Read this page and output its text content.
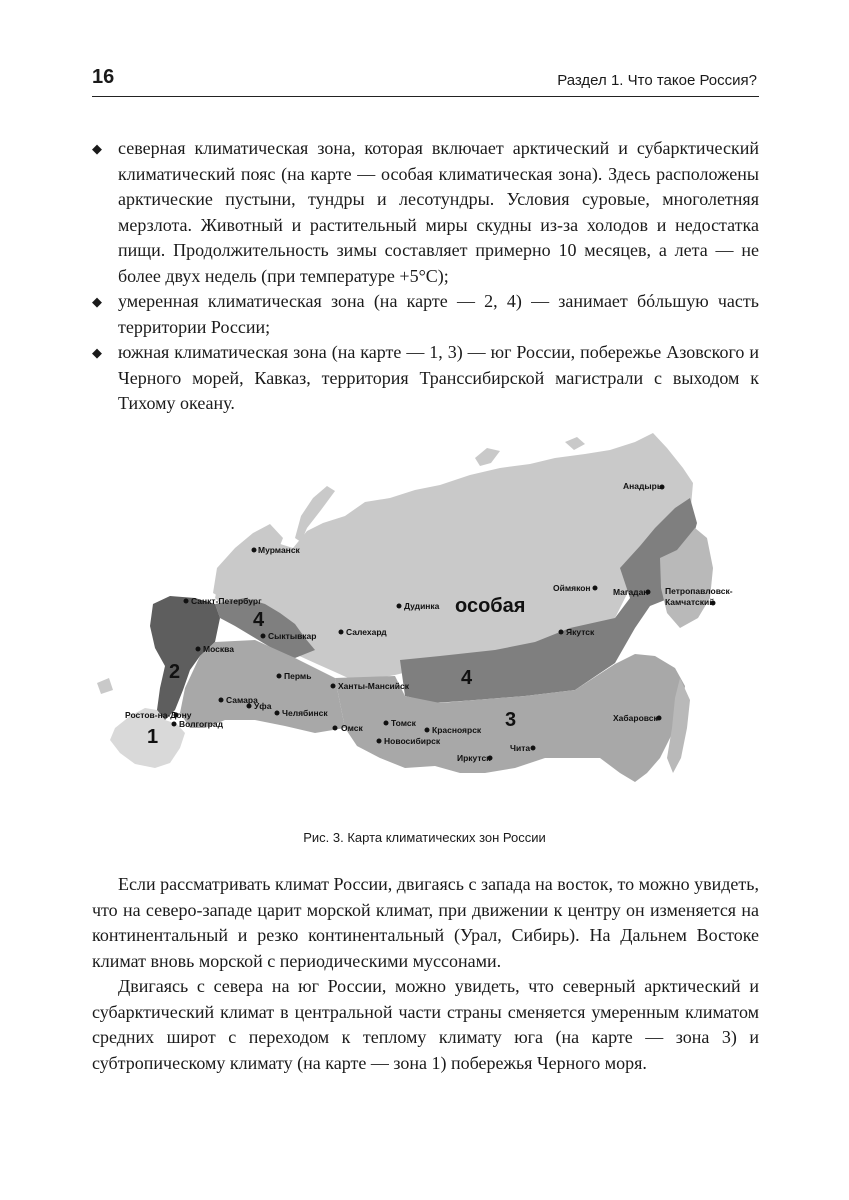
16	Раздел 1. Что такое Россия?
◆ северная климатическая зона, которая включает арктический и субарктический климатический пояс (на карте — особая климатическая зона). Здесь расположены арктические пустыни, тундры и лесотундры. Условия суровые, многолетняя мерзлота. Животный и растительный миры скудны из-за холодов и недостатка пищи. Продолжительность зимы составляет примерно 10 месяцев, а лета — не более двух недель (при температуре +5°С);
◆ умеренная климатическая зона (на карте — 2, 4) — занимает бóльшую часть территории России;
◆ южная климатическая зона (на карте — 1, 3) — юг России, побережье Азовского и Черного морей, Кавказ, территория Транссибирской магистрали с выходом к Тихому океану.
особая
4
4
2
3
1
Анадырь
Мурманск
Санкт-Петербург
Оймякон	Магадан Петропавловск-
Камчатский
Дудинка
Сыктывкар	Салехард	Якутск
Москва
Пермь
Ханты-Мансийск
Самара
Уфа
Ростов-на-Дону	Челябинск
Волгоград
Хабаровск
Омск	Томск
Красноярск
Новосибирск
Иркутск
Чита
Рис. 3. Карта климатических зон России

Если рассматривать климат России, двигаясь с запада на восток, то можно увидеть, что на северо-западе царит морской климат, при движении к центру он изменяется на континентальный и резко континентальный (Урал, Сибирь). На Дальнем Востоке климат вновь морской с периодическими муссонами.

Двигаясь с севера на юг России, можно увидеть, что северный арктический и субарктический климат в центральной части страны сменяется умеренным климатом средних широт с переходом к теплому климату юга (на карте — зона 3) и субтропическому климату (на карте — зона 1) побережья Черного моря.
